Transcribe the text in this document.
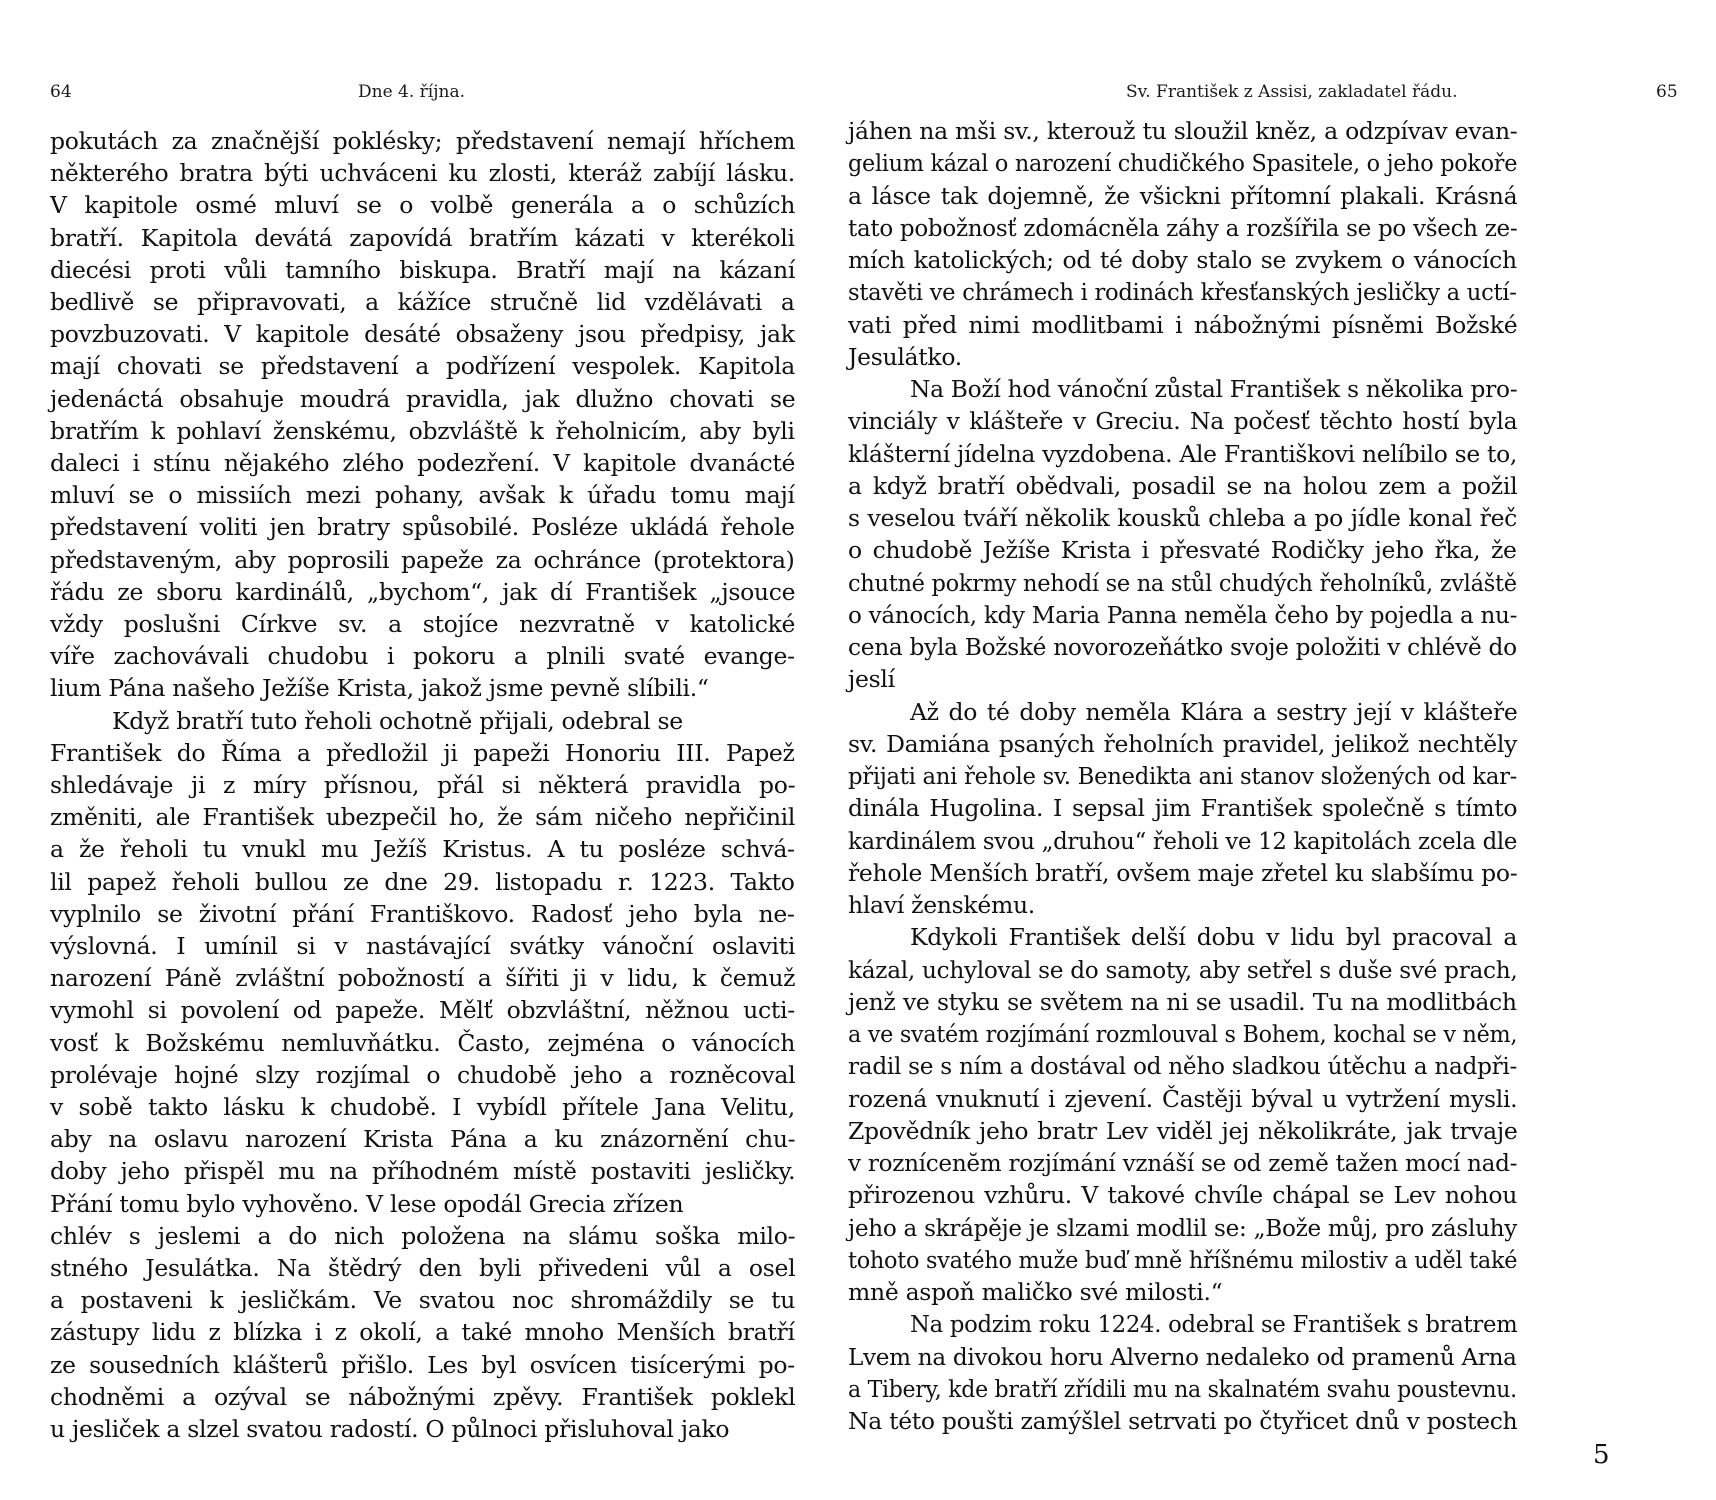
64	Dne 4. října.
pokutách za značnější poklésky; představení nemají hříchem
některého bratra býti uchváceni ku zlosti, kteráž zabíjí lásku.
V kapitole osmé mluví se o volbě generála a o schůzích
bratří. Kapitola devátá zapovídá bratřím kázati v kterékoli
diecési proti vůli tamního biskupa. Bratří mají na kázaní
bedlivě se připravovati, a kážíce stručně lid vzdělávati a
povzbuzovati. V kapitole desáté obsaženy jsou předpisy, jak
mají chovati se představení a podřízení vespolek. Kapitola
jedenáctá obsahuje moudrá pravidla, jak dlužno chovati se
bratřím k pohlaví ženskému, obzvláště k řeholnicím, aby byli
daleci i stínu nějakého zlého podezření. V kapitole dvanácté
mluví se o missiích mezi pohany, avšak k úřadu tomu mají
představení voliti jen bratry spůsobilé. Posléze ukládá řehole
představeným, aby poprosili papeže za ochránce (protektora)
řádu ze sboru kardinálů, „bychom“, jak dí František „jsouce
vždy poslušni Církve sv. a stojíce nezvratně v katolické
víře zachovávali chudobu i pokoru a plnili svaté evange-
lium Pána našeho Ježíše Krista, jakož jsme pevně slíbili.“
Když bratří tuto řeholi ochotně přijali, odebral se
František do Říma a předložil ji papeži Honoriu III. Papež
shledávaje ji z míry přísnou, přál si některá pravidla po-
změniti, ale František ubezpečil ho, že sám ničeho nepřičinil
a že řeholi tu vnukl mu Ježíš Kristus. A tu posléze schvá-
lil papež řeholi bullou ze dne 29. listopadu r. 1223. Takto
vyplnilo se životní přání Františkovo. Radosť jeho byla ne-
výslovná. I umínil si v nastávající svátky vánoční oslaviti
narození Páně zvláštní pobožností a šířiti ji v lidu, k čemuž
vymohl si povolení od papeže. Mělť obzvláštní, něžnou ucti-
vosť k Božskému nemluvňátku. Často, zejména o vánocích
prolévaje hojné slzy rozjímal o chudobě jeho a rozněcoval
v sobě takto lásku k chudobě. I vybídl přítele Jana Velitu,
aby na oslavu narození Krista Pána a ku znázornění chu-
doby jeho přispěl mu na příhodném místě postaviti jesličky.
Přání tomu bylo vyhověno. V lese opodál Grecia zřízen
chlév s jeslemi a do nich položena na slámu soška milo-
stného Jesulátka. Na štědrý den byli přivedeni vůl a osel
a postaveni k jesličkám. Ve svatou noc shromáždily se tu
zástupy lidu z blízka i z okolí, a také mnoho Menších bratří
ze sousedních klášterů přišlo. Les byl osvícen tisícerými po-
chodněmi a ozýval se nábožnými zpěvy. František poklekl
u jesliček a slzel svatou radostí. O půlnoci přisluhoval jako
Sv. František z Assisi, zakladatel řádu.	65
jáhen na mši sv., kterouž tu sloužil kněz, a odzpívav evan-
gelium kázal o narození chudičkého Spasitele, o jeho pokoře
a lásce tak dojemně, že všickni přítomní plakali. Krásná
tato pobožnosť zdomácněla záhy a rozšířila se po všech ze-
mích katolických; od té doby stalo se zvykem o vánocích
stavěti ve chrámech i rodinách křesťanských jesličky a uctí-
vati před nimi modlitbami i nábožnými písněmi Božské
Jesulátko.
Na Boží hod vánoční zůstal František s několika pro-
vinciály v klášteře v Greciu. Na počesť těchto hostí byla
klášterní jídelna vyzdobena. Ale Františkovi nelíbilo se to,
a když bratří obědvali, posadil se na holou zem a požil
s veselou tváří několik kousků chleba a po jídle konal řeč
o chudobě Ježíše Krista i přesvaté Rodičky jeho řka, že
chutné pokrmy nehodí se na stůl chudých řeholníků, zvláště
o vánocích, kdy Maria Panna neměla čeho by pojedla a nu-
cena byla Božské novorozeňátko svoje položiti v chlévě do
jeslí
Až do té doby neměla Klára a sestry její v klášteře
sv. Damiána psaných řeholních pravidel, jelikož nechtěly
přijati ani řehole sv. Benedikta ani stanov složených od kar-
dinála Hugolina. I sepsal jim František společně s tímto
kardinálem svou „druhou“ řeholi ve 12 kapitolách zcela dle
řehole Menších bratří, ovšem maje zřetel ku slabšímu po-
hlaví ženskému.
Kdykoli František delší dobu v lidu byl pracoval a
kázal, uchyloval se do samoty, aby setřel s duše své prach,
jenž ve styku se světem na ni se usadil. Tu na modlitbách
a ve svatém rozjímání rozmlouval s Bohem, kochal se v něm,
radil se s ním a dostával od něho sladkou útěchu a nadpři-
rozená vnuknutí i zjevení. Častěji býval u vytržení mysli.
Zpovědník jeho bratr Lev viděl jej několikráte, jak trvaje
v roznícenĕm rozjímání vznáší se od země tažen mocí nad-
přirozenou vzhůru. V takové chvíle chápal se Lev nohou
jeho a skrápěje je slzami modlil se: „Bože můj, pro zásluhy
tohoto svatého muže buď mně hříšnému milostiv a uděl také
mně aspoň maličko své milosti.“
Na podzim roku 1224. odebral se František s bratrem
Lvem na divokou horu Alverno nedaleko od pramenů Arna
a Tibery, kde bratří zřídili mu na skalnatém svahu poustevnu.
Na této poušti zamýšlel setrvati po čtyřicet dnů v postech
5
